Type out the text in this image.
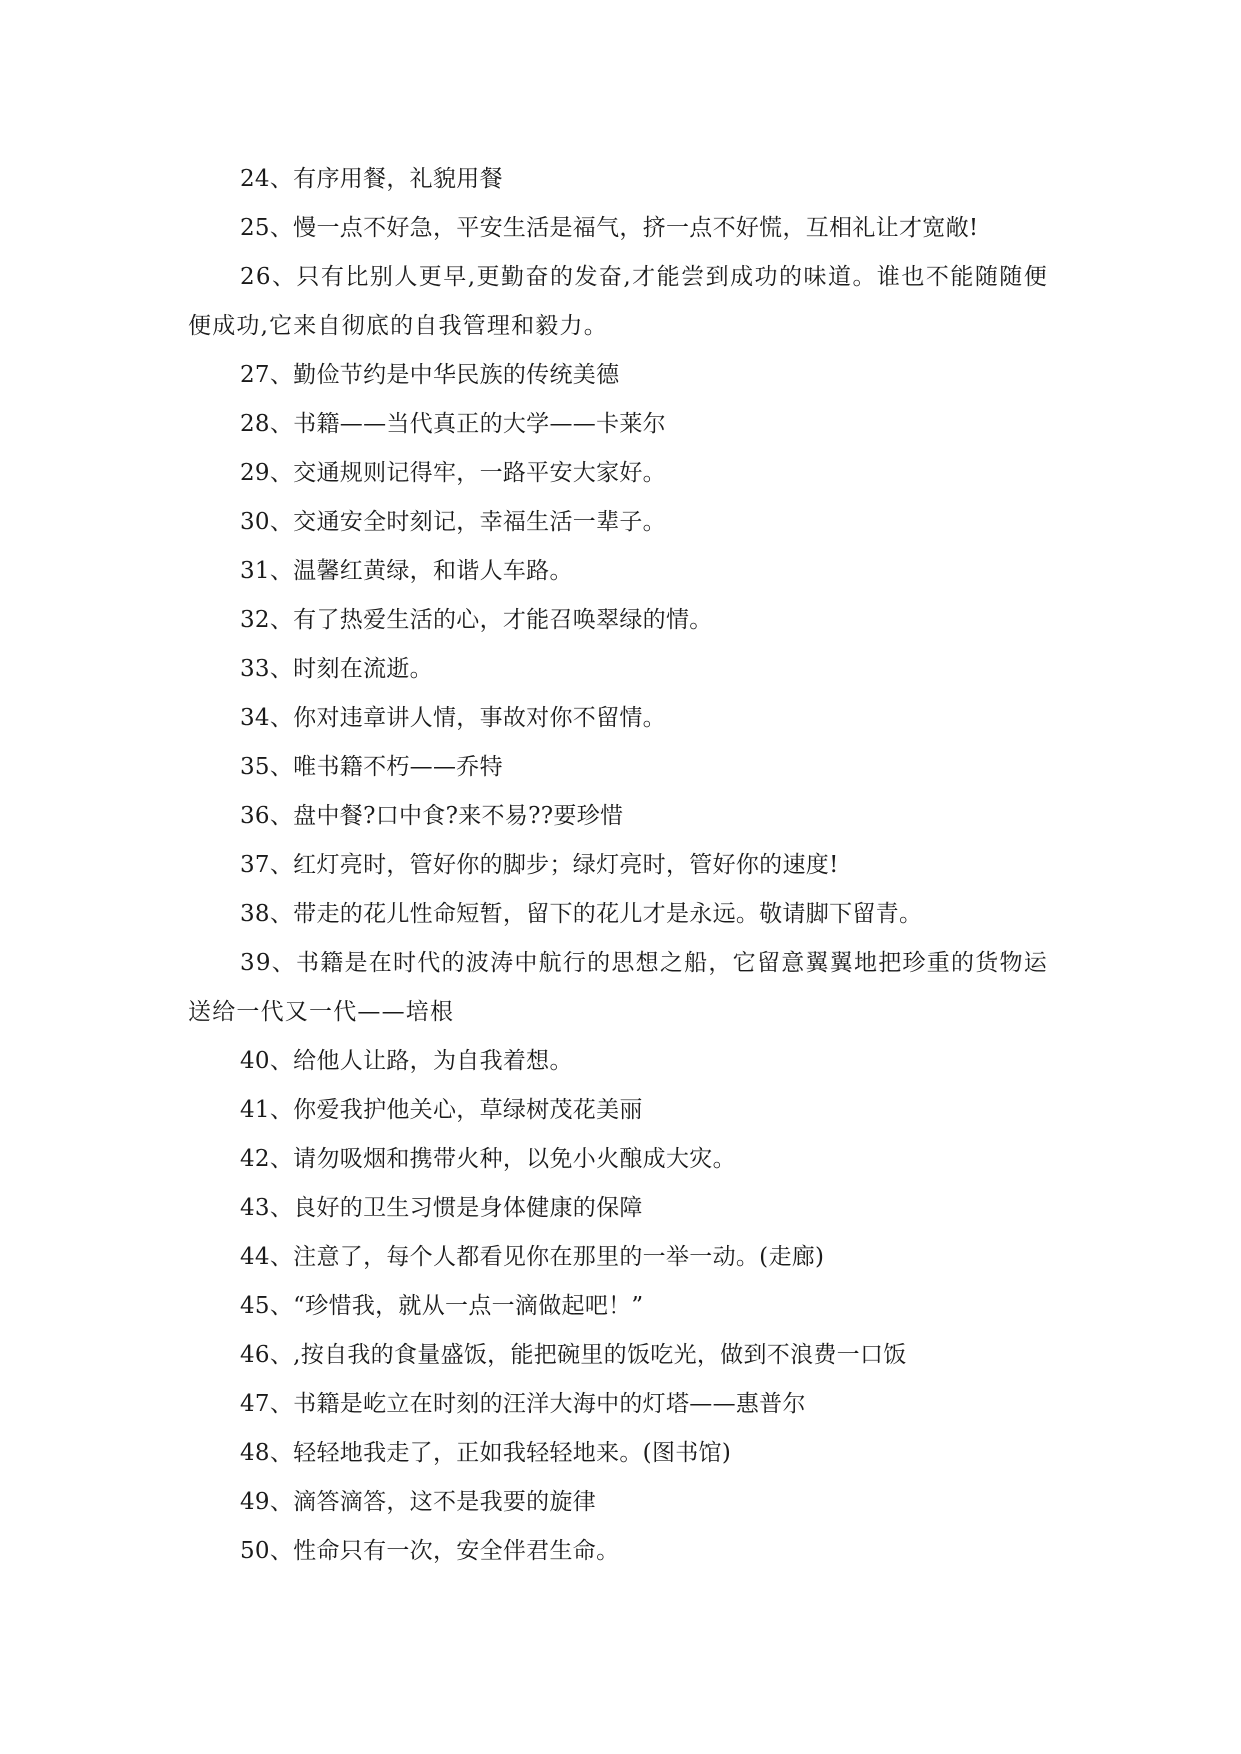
24、有序用餐，礼貌用餐

25、慢一点不好急，平安生活是福气，挤一点不好慌，互相礼让才宽敞!

26、只有比别人更早,更勤奋的发奋,才能尝到成功的味道。谁也不能随随便便成功,它来自彻底的自我管理和毅力。

27、勤俭节约是中华民族的传统美德

28、书籍——当代真正的大学——卡莱尔

29、交通规则记得牢，一路平安大家好。

30、交通安全时刻记，幸福生活一辈子。

31、温馨红黄绿，和谐人车路。

32、有了热爱生活的心，才能召唤翠绿的情。

33、时刻在流逝。

34、你对违章讲人情，事故对你不留情。

35、唯书籍不朽——乔特

36、盘中餐?口中食?来不易??要珍惜

37、红灯亮时，管好你的脚步；绿灯亮时，管好你的速度!

38、带走的花儿性命短暂，留下的花儿才是永远。敬请脚下留青。

39、书籍是在时代的波涛中航行的思想之船，它留意翼翼地把珍重的货物运送给一代又一代——培根

40、给他人让路，为自我着想。

41、你爱我护他关心，草绿树茂花美丽

42、请勿吸烟和携带火种，以免小火酿成大灾。

43、良好的卫生习惯是身体健康的保障

44、注意了，每个人都看见你在那里的一举一动。(走廊)

45、“珍惜我，就从一点一滴做起吧！”

46、,按自我的食量盛饭，能把碗里的饭吃光，做到不浪费一口饭

47、书籍是屹立在时刻的汪洋大海中的灯塔——惠普尔

48、轻轻地我走了，正如我轻轻地来。(图书馆)

49、滴答滴答，这不是我要的旋律

50、性命只有一次，安全伴君生命。
